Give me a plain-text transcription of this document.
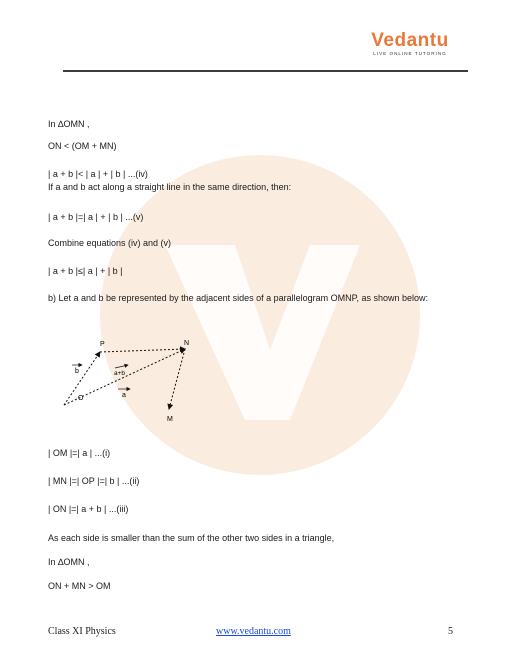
Vedantu
LIVE ONLINE TUTORING
In ∆OMN ,
ON < (OM + MN)
| a + b |< | a | + | b | ...(iv)
If a and b act along a straight line in the same direction, then:
| a + b |=| a | + | b | ...(v)
Combine equations (iv) and (v)
| a + b |≤| a | + | b |
b) Let a and b be represented by the adjacent sides of a parallelogram OMNP, as shown below:
P	N
O
M
b	a+b
a
| OM |=| a | ...(i)
| MN |=| OP |=| b | ...(ii)
| ON |=| a + b | ...(iii)
As each side is smaller than the sum of the other two sides in a triangle,
In ∆OMN ,
ON + MN > OM
Class XI Physics	www.vedantu.com	5
